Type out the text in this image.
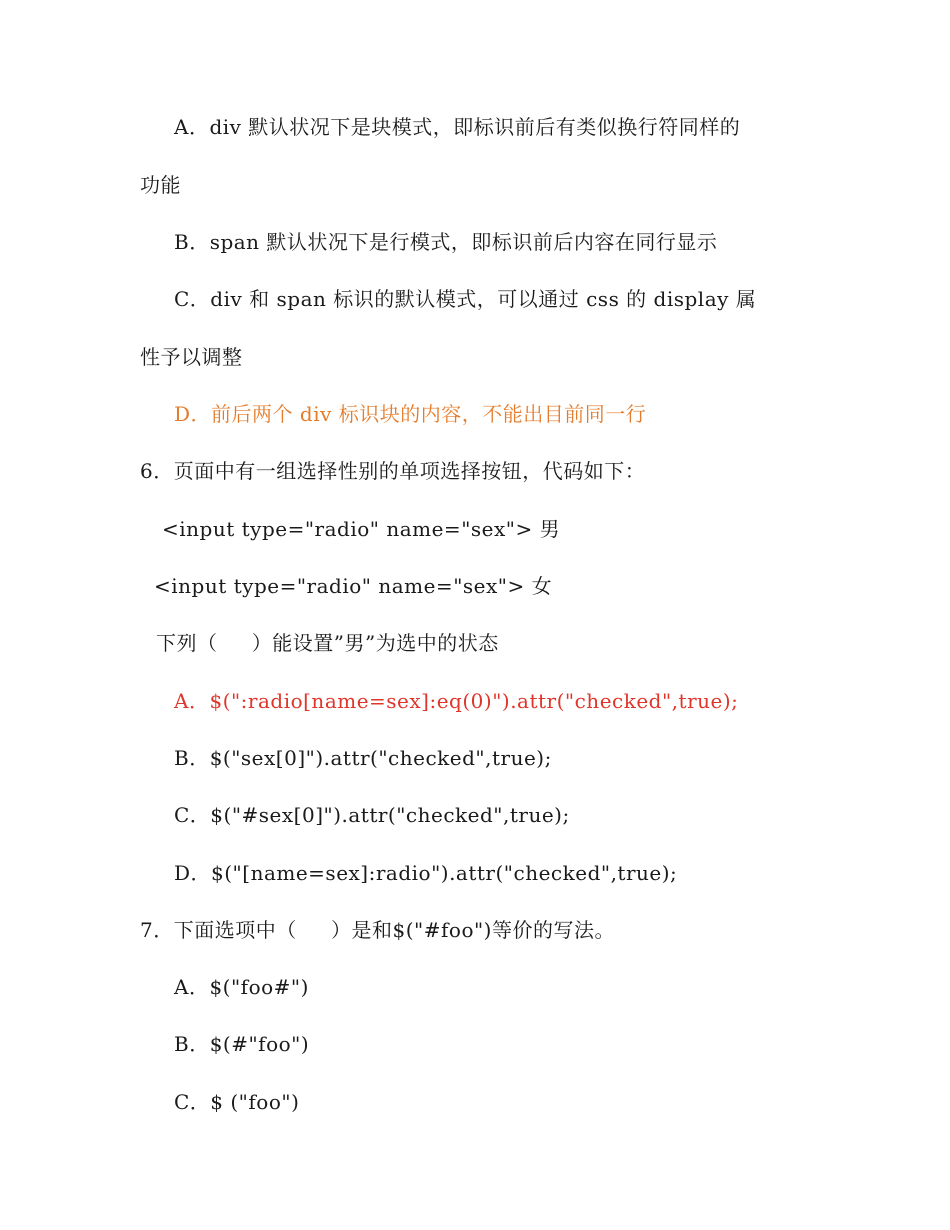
A．div 默认状况下是块模式，即标识前后有类似换行符同样的
功能
B．span 默认状况下是行模式，即标识前后内容在同行显示
C．div 和 span 标识的默认模式，可以通过 css 的 display 属
性予以调整
D．前后两个 div 标识块的内容，不能出目前同一行
6．页面中有一组选择性别的单项选择按钮，代码如下：
<input type="radio" name="sex"> 男
<input type="radio" name="sex"> 女
下列（     ）能设置”男”为选中的状态
A．$(":radio[name=sex]:eq(0)").attr("checked",true);
B．$("sex[0]").attr("checked",true);
C．$("#sex[0]").attr("checked",true);
D．$("[name=sex]:radio").attr("checked",true);
7．下面选项中（     ）是和$("#foo")等价的写法。
A．$("foo#")
B．$(#"foo")
C．$ ("foo")
